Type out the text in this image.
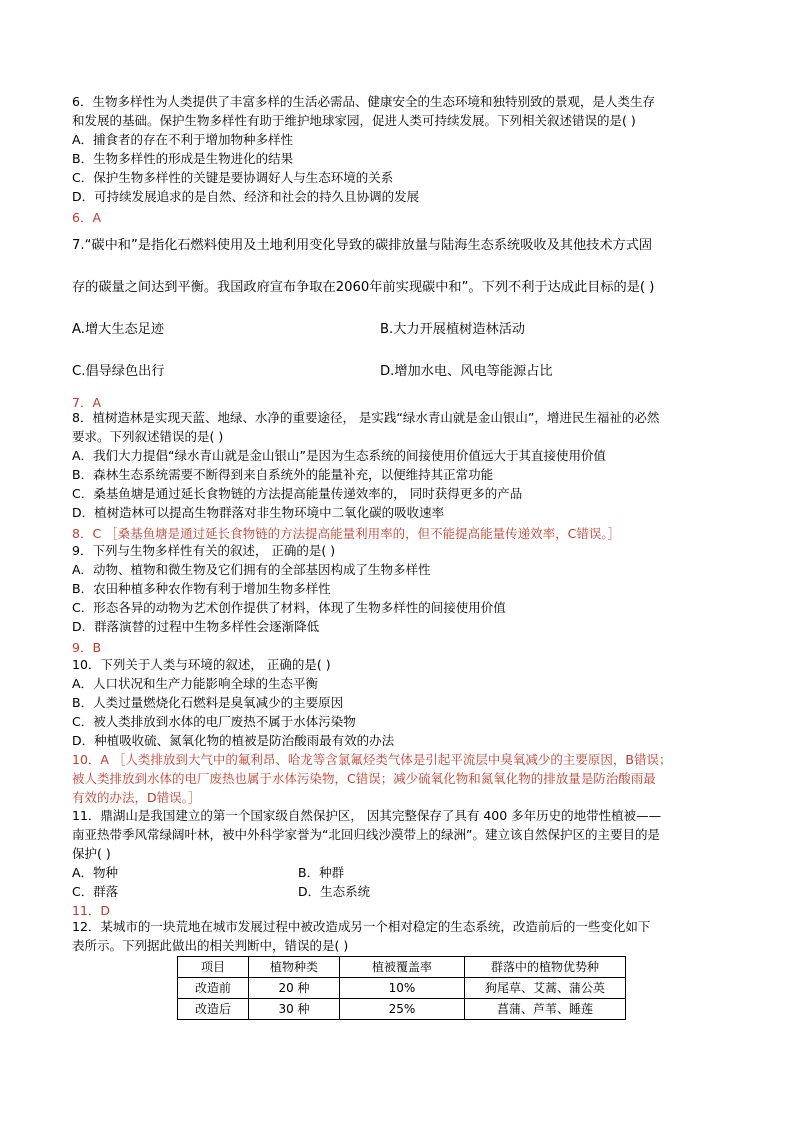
6．生物多样性为人类提供了丰富多样的生活必需品、健康安全的生态环境和独特别致的景观，是人类生存
和发展的基础。保护生物多样性有助于维护地球家园，促进人类可持续发展。下列相关叙述错误的是( )
A．捕食者的存在不利于增加物种多样性
B．生物多样性的形成是生物进化的结果
C．保护生物多样性的关键是要协调好人与生态环境的关系
D．可持续发展追求的是自然、经济和社会的持久且协调的发展
6．A
7.“碳中和”是指化石燃料使用及土地利用变化导致的碳排放量与陆海生态系统吸收及其他技术方式固
存的碳量之间达到平衡。我国政府宣布争取在2060年前实现碳中和”。下列不利于达成此目标的是( )
A.增大生态足迹	B.大力开展植树造林活动
C.倡导绿色出行	D.增加水电、风电等能源占比
7．A
8．植树造林是实现天蓝、地绿、水净的重要途径， 是实践“绿水青山就是金山银山”，增进民生福祉的必然
要求。下列叙述错误的是( )
A．我们大力提倡“绿水青山就是金山银山”是因为生态系统的间接使用价值远大于其直接使用价值
B．森林生态系统需要不断得到来自系统外的能量补充，以便维持其正常功能
C．桑基鱼塘是通过延长食物链的方法提高能量传递效率的， 同时获得更多的产品
D．植树造林可以提高生物群落对非生物环境中二氧化碳的吸收速率
8．C ［桑基鱼塘是通过延长食物链的方法提高能量利用率的，但不能提高能量传递效率，C错误。］
9．下列与生物多样性有关的叙述， 正确的是( )
A．动物、植物和微生物及它们拥有的全部基因构成了生物多样性
B．农田种植多种农作物有利于增加生物多样性
C．形态各异的动物为艺术创作提供了材料，体现了生物多样性的间接使用价值
D．群落演替的过程中生物多样性会逐渐降低
9．B
10．下列关于人类与环境的叙述， 正确的是( )
A．人口状况和生产力能影响全球的生态平衡
B．人类过量燃烧化石燃料是臭氧减少的主要原因
C．被人类排放到水体的电厂废热不属于水体污染物
D．种植吸收硫、氮氧化物的植被是防治酸雨最有效的办法
10．A ［人类排放到大气中的氟利昂、哈龙等含氯氟烃类气体是引起平流层中臭氧减少的主要原因，B错误；
被人类排放到水体的电厂废热也属于水体污染物，C错误；减少硫氧化物和氮氧化物的排放量是防治酸雨最
有效的办法，D错误。］
11．鼎湖山是我国建立的第一个国家级自然保护区， 因其完整保存了具有 400 多年历史的地带性植被——
南亚热带季风常绿阔叶林，被中外科学家誉为“北回归线沙漠带上的绿洲”。建立该自然保护区的主要目的是
保护( )
A．物种	B．种群
C．群落	D．生态系统
11．D
12．某城市的一块荒地在城市发展过程中被改造成另一个相对稳定的生态系统，改造前后的一些变化如下
表所示。下列据此做出的相关判断中，错误的是( )
项目	植物种类	植被覆盖率	群落中的植物优势种
改造前	20 种	10%	狗尾草、艾蒿、蒲公英
改造后	30 种	25%	菖蒲、芦苇、睡莲
